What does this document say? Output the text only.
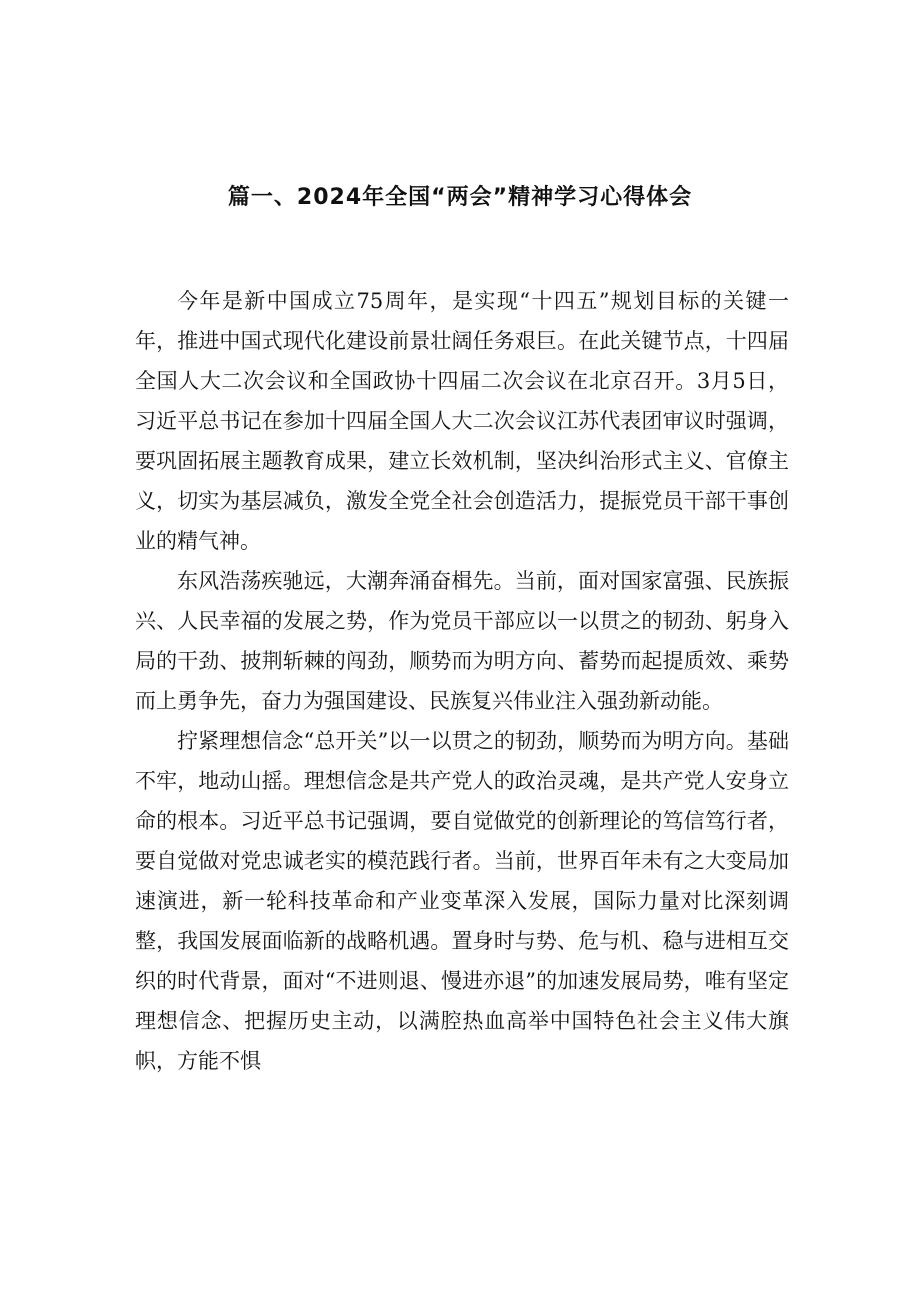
篇一、2024年全国“两会”精神学习心得体会

今年是新中国成立75周年，是实现“十四五”规划目标的关键一年，推进中国式现代化建设前景壮阔任务艰巨。在此关键节点，十四届全国人大二次会议和全国政协十四届二次会议在北京召开。3月5日，习近平总书记在参加十四届全国人大二次会议江苏代表团审议时强调，要巩固拓展主题教育成果，建立长效机制，坚决纠治形式主义、官僚主义，切实为基层减负，激发全党全社会创造活力，提振党员干部干事创业的精气神。

东风浩荡疾驰远，大潮奔涌奋楫先。当前，面对国家富强、民族振兴、人民幸福的发展之势，作为党员干部应以一以贯之的韧劲、躬身入局的干劲、披荆斩棘的闯劲，顺势而为明方向、蓄势而起提质效、乘势而上勇争先，奋力为强国建设、民族复兴伟业注入强劲新动能。

拧紧理想信念“总开关”以一以贯之的韧劲，顺势而为明方向。基础不牢，地动山摇。理想信念是共产党人的政治灵魂，是共产党人安身立命的根本。习近平总书记强调，要自觉做党的创新理论的笃信笃行者，要自觉做对党忠诚老实的模范践行者。当前，世界百年未有之大变局加速演进，新一轮科技革命和产业变革深入发展，国际力量对比深刻调整，我国发展面临新的战略机遇。置身时与势、危与机、稳与进相互交织的时代背景，面对“不进则退、慢进亦退”的加速发展局势，唯有坚定理想信念、把握历史主动，以满腔热血高举中国特色社会主义伟大旗帜，方能不惧
